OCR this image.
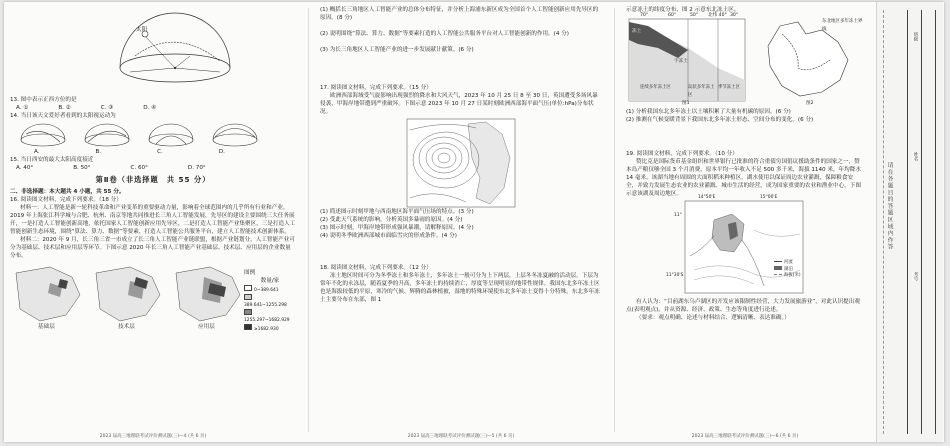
太阳

13. 图中表示正西方位的是

A. ①	B. ②	C. ③	D. ④

14. 当日该天文爱好者看到的太阳视运动为

A.	B.	C.	D.

15. 当日西安的最大太阳高度接近

A. 40°	B. 50°	C. 60°	D. 70°
第Ⅱ卷（非选择题　共 55 分）

二、非选择题：本大题共 4 小题，共 55 分。

16. 阅读图文材料，完成下列要求。（18 分）

材料一：人工智能是新一轮科技革命和产业变革的重要驱动力量，影响着全球范围内的几乎所有行业和产业。2019 年上海张江科学城与合肥、杭州、南京等地共同推进长三角人工智能发展，先导区的建设主要围绕三大任务展开，一是打造人工智能创新高地，依托国家人工智能创新应用先导区，二是打造人工智能产业集聚区，三是打造人工智能创新生态环境，围绕“算法、算力、数据”等要素，打造人工智能公共服务平台，建立人工智能技术创新体系。

材料二：2020 年 9 月，长三角三省一市成立了长三角人工智能产业链联盟，根据产业链划分，人工智能产业可分为基础层、技术层和应用层等环节。下图示意 2020 年长三角人工智能产业基础层、技术层、应用层的企业数量分布。

基础层	技术层	应用层
图例
数量/家
0~389.641
389.641~1255.298
1255.297~1682.929
≥1682.930
2023 届高三地理联考试评价测试题(三)—4 (共 6 页)

(1) 概括长三角地区人工智能产业的总体分布特征，并分析上海浦东新区成为全国首个人工智能创新应用先导区的原因。(8 分)

(2) 说明围绕“算法、算力、数据”等要素打造的人工智能公共服务平台对人工智能创新的作用。(4 分)

(3) 为长三角地区人工智能产业的进一步发展献计献策。(6 分)

17. 阅读图文材料，完成下列要求。（15 分）

欧洲西部海域受气旋影响出现强烈的降水和大风天气，2023 年 10 月 25 日 8 至 30 日，英国遭受多场风暴侵袭，甲海岸地带遭到严重破坏。下图示意 2023 年 10 月 27 日某时刻欧洲西部海平面气压(单位:hPa)分布状况。

(1) 简述图示时刻甲地与西南地区海平面气压场的特点。(3 分)

(2) 受此天气系统的影响，分析英国多暴雨的原因。(4 分)

(3) 图示时刻，甲海岸地带形成强风暴潮，请解释原因。(4 分)

(4) 说明冬季欧洲西部城市面临雪灾的形成条件。(4 分)

18. 阅读图文材料，完成下列要求。（12 分）

冻土地区时间可分为冬季冻土和多年冻土，多年冻土一般可分为上下两层，上层冬冬冻夏融的活动层，下层为常年不化的永冻层，随着夏季的升高，多年冻土的持续消亡，厚度等呈现明显的地带性规律。我国东北多年冻土区也是海拔较低的平原，寒冷的气候、辉腾的森林植被，湿地的特殊环境使东北多年冻土变得十分特殊。东北多年冻土主要分布在东部，图 1

2023 届高三地理联考试评价测试题(三)—5 (共 6 页)

示意冻土的纬度分布，图 2 示意东北冻土区。

70°	60°	50° 北纬 40° 30°
冻土
不冻土
连续多年冻土区	岛状多年冻土区
季节冻土区
图1
东北地区多年冻土界线
图2

(1) 分析我国东北多年冻土以土壤积累了大量有机碳的原因。(6 分)

(2) 推测在气候变暖背景下我国东北多年冻土形态、空间分布的变化。(6 分)

19. 阅读图文材料，完成下列要求。（10 分）

赞比克是国际货币基金组织和世界银行已批准的符合重债穷国倡议援助条件的国家之一，赞本岛产粮仅够全国 3 个月消费，原本平均一年收入不足 500 多千米，海拔 1140 米，年均降水 14 毫米。该湖当地有周围的大面积稻米种植区，湖水使用以保证周边农业灌溉，保障粮食安全，并致力发展生态农业的农业灌溉、城市生活的经营，成为国家重要的农业和渔业中心，下图示意该湖及周边地区。

14°50'E	15°00'E
11°
11°30'S
河流
湖泊
海拔(米)

有人认为：“目前湖东乌卢湖区的开发应该限制性经营，大力发展旅游业”，对此认识提出观点(表明观点)，并从资源、经济、政策、生态等角度进行论述。

（要求：观点明确、论述与材料结合、逻辑清晰、表达准确。）

2023 届高三地理联考试评价测试题(三)—6 (共 6 页)
班级
姓名
考号
请在各题目的答题区域内作答
